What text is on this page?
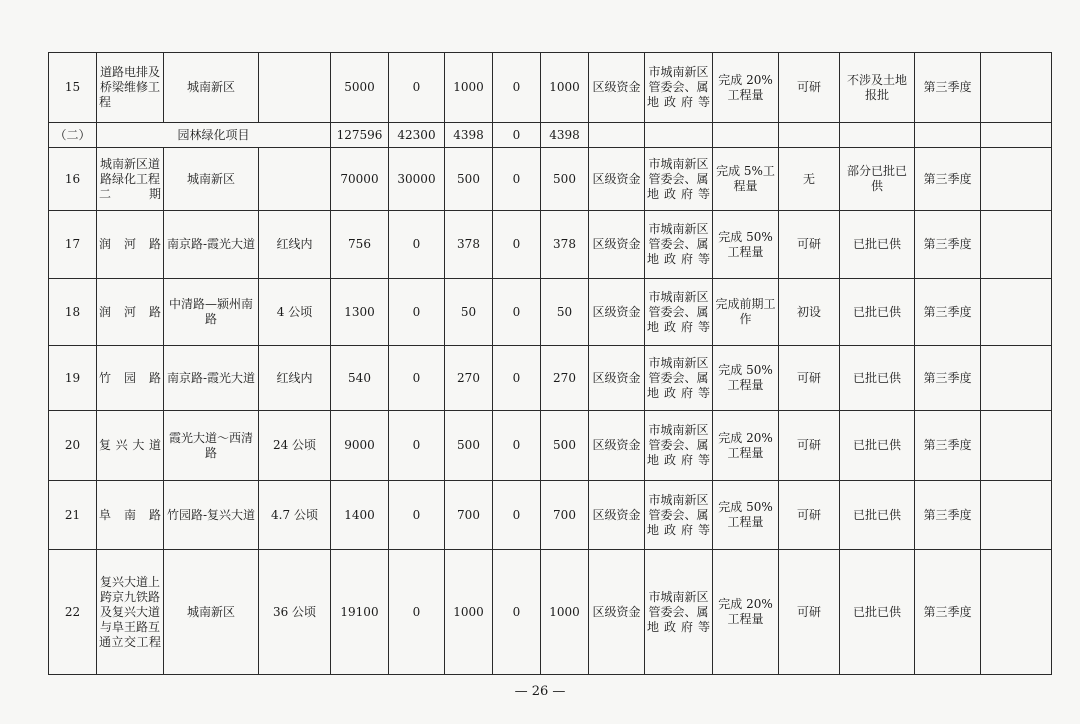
15	道路电排及桥梁维修工程	城南新区		5000	0	1000	0	1000	区级资金	市城南新区管委会、属地政府等	完成 20%工程量	可研	不涉及土地报批	第三季度	
（二）	园林绿化项目			127596	42300	4398	0	4398							
16	城南新区道路绿化工程二期	城南新区		70000	30000	500	0	500	区级资金	市城南新区管委会、属地政府等	完成 5%工程量	无	部分已批已供	第三季度	
17	润河路	南京路-霞光大道	红线内	756	0	378	0	378	区级资金	市城南新区管委会、属地政府等	完成 50%工程量	可研	已批已供	第三季度	
18	润河路	中清路—颍州南路	4 公顷	1300	0	50	0	50	区级资金	市城南新区管委会、属地政府等	完成前期工作	初设	已批已供	第三季度	
19	竹园路	南京路-霞光大道	红线内	540	0	270	0	270	区级资金	市城南新区管委会、属地政府等	完成 50%工程量	可研	已批已供	第三季度	
20	复兴大道	霞光大道～西清路	24 公顷	9000	0	500	0	500	区级资金	市城南新区管委会、属地政府等	完成 20%工程量	可研	已批已供	第三季度	
21	阜南路	竹园路-复兴大道	4.7 公顷	1400	0	700	0	700	区级资金	市城南新区管委会、属地政府等	完成 50%工程量	可研	已批已供	第三季度	
22	复兴大道上跨京九铁路及复兴大道与阜王路互通立交工程	城南新区	36 公顷	19100	0	1000	0	1000	区级资金	市城南新区管委会、属地政府等	完成 20%工程量	可研	已批已供	第三季度	
— 26 —
